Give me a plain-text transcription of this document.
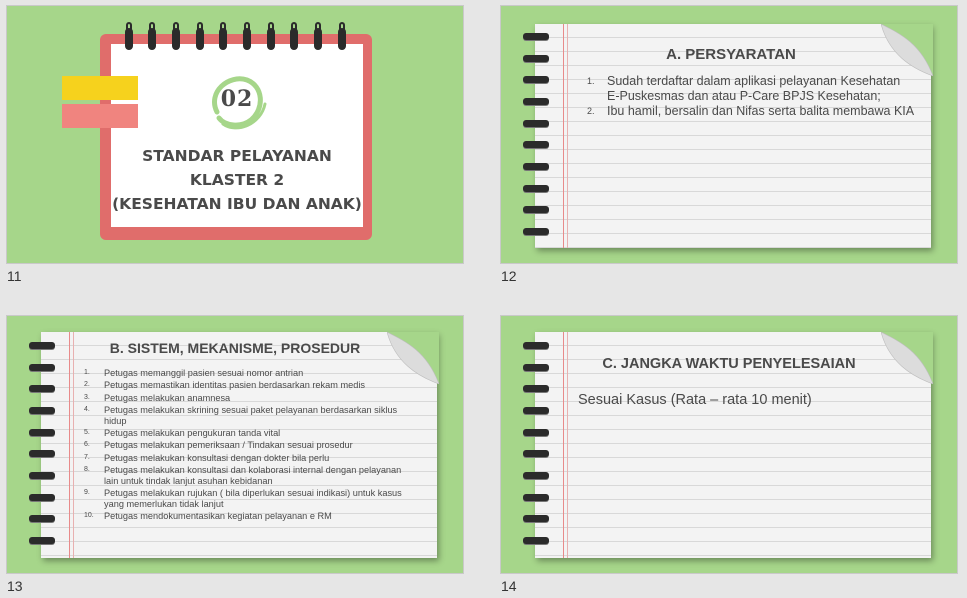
02
STANDAR PELAYANAN
KLASTER 2
(KESEHATAN IBU DAN ANAK)
11
A. PERSYARATAN
1. Sudah terdaftar dalam aplikasi pelayanan Kesehatan E-Puskesmas dan atau P-Care BPJS Kesehatan;
2. Ibu hamil, bersalin dan Nifas serta balita membawa KIA
12
B. SISTEM, MEKANISME, PROSEDUR
1. Petugas memanggil pasien sesuai nomor antrian
2. Petugas memastikan identitas pasien berdasarkan rekam medis
3. Petugas melakukan anamnesa
4. Petugas melakukan skrining sesuai paket pelayanan berdasarkan siklus hidup
5. Petugas melakukan pengukuran tanda vital
6. Petugas melakukan pemeriksaan / Tindakan sesuai prosedur
7. Petugas melakukan konsultasi dengan dokter bila perlu
8. Petugas melakukan konsultasi dan kolaborasi internal dengan pelayanan lain untuk tindak lanjut asuhan kebidanan
9. Petugas melakukan rujukan ( bila diperlukan sesuai indikasi) untuk kasus yang memerlukan tidak lanjut
10. Petugas mendokumentasikan kegiatan pelayanan e RM
13
C. JANGKA WAKTU PENYELESAIAN
Sesuai Kasus (Rata – rata 10 menit)
14
